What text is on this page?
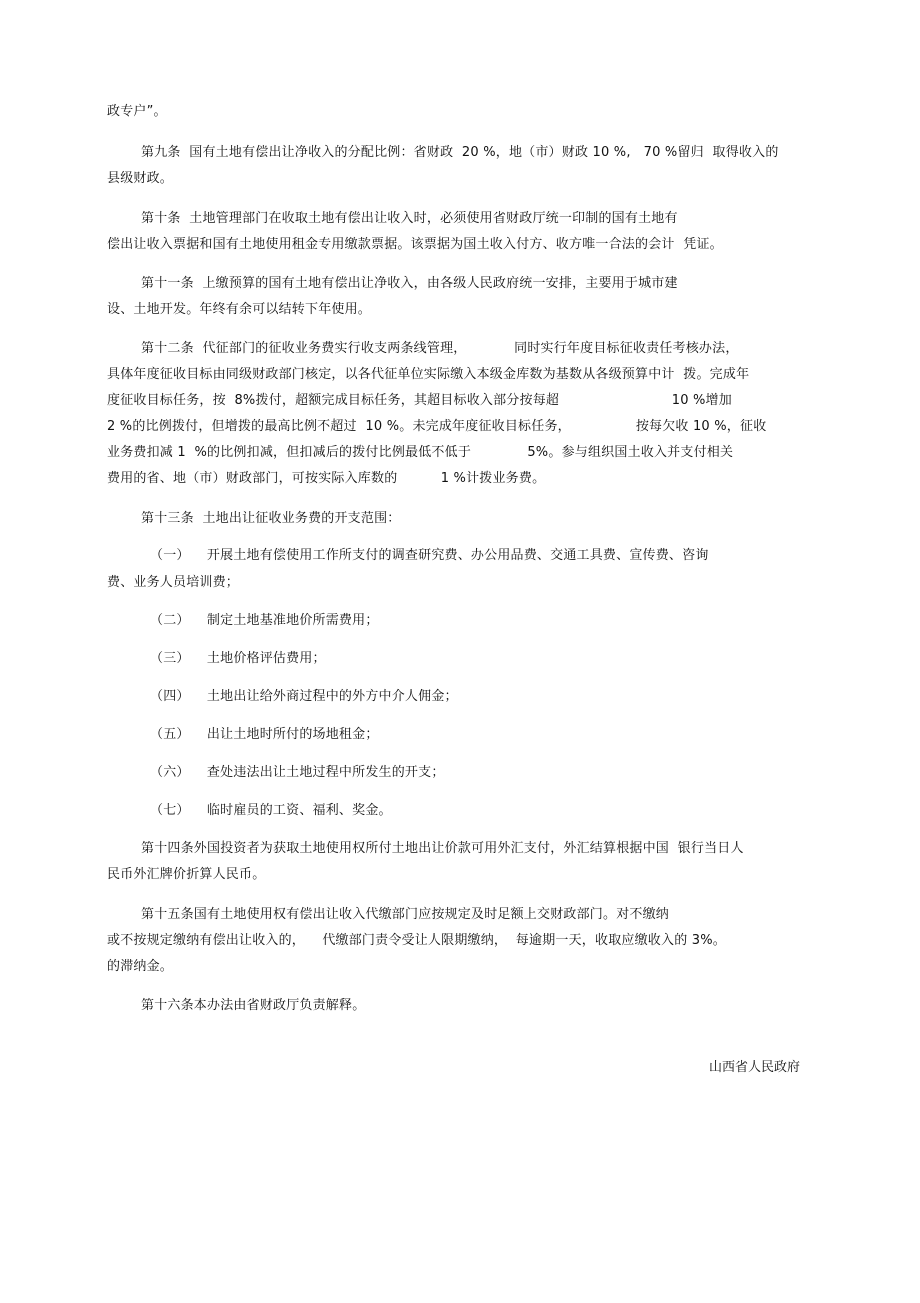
政专户”。
第九条  国有土地有偿出让净收入的分配比例：省财政  20 %，地（市）财政 10 %,   70 %留归  取得收入的
县级财政。
第十条  土地管理部门在收取土地有偿出让收入时，必须使用省财政厅统一印制的国有土地有
偿出让收入票据和国有土地使用租金专用缴款票据。该票据为国土收入付方、收方唯一合法的会计  凭证。
第十一条  上缴预算的国有土地有偿出让净收入，由各级人民政府统一安排，主要用于城市建
设、土地开发。年终有余可以结转下年使用。
第十二条  代征部门的征收业务费实行收支两条线管理，           同时实行年度目标征收责任考核办法，
具体年度征收目标由同级财政部门核定，以各代征单位实际缴入本级金库数为基数从各级预算中计  拨。完成年
度征收目标任务，按  8%拨付，超额完成目标任务，其超目标收入部分按每超                          10 %增加
2 %的比例拨付，但增拨的最高比例不超过  10 %。未完成年度征收目标任务，               按每欠收 10 %，征收
业务费扣减 1  %的比例扣减，但扣减后的拨付比例最低不低于             5%。参与组织国土收入并支付相关
费用的省、地（市）财政部门，可按实际入库数的          1 %计拨业务费。
第十三条  土地出让征收业务费的开支范围：
（一）    开展土地有偿使用工作所支付的调查研究费、办公用品费、交通工具费、宣传费、咨询
费、业务人员培训费；
（二）    制定土地基准地价所需费用；
（三）    土地价格评估费用；
（四）    土地出让给外商过程中的外方中介人佣金；
（五）    出让土地时所付的场地租金；
（六）    查处违法出让土地过程中所发生的开支；
（七）    临时雇员的工资、福利、奖金。
第十四条外国投资者为获取土地使用权所付土地出让价款可用外汇支付，外汇结算根据中国  银行当日人
民币外汇牌价折算人民币。
第十五条国有土地使用权有偿出让收入代缴部门应按规定及时足额上交财政部门。对不缴纳
或不按规定缴纳有偿出让收入的，    代缴部门责令受让人限期缴纳，  每逾期一天，收取应缴收入的 3%。
的滞纳金。
第十六条本办法由省财政厅负责解释。
山西省人民政府
